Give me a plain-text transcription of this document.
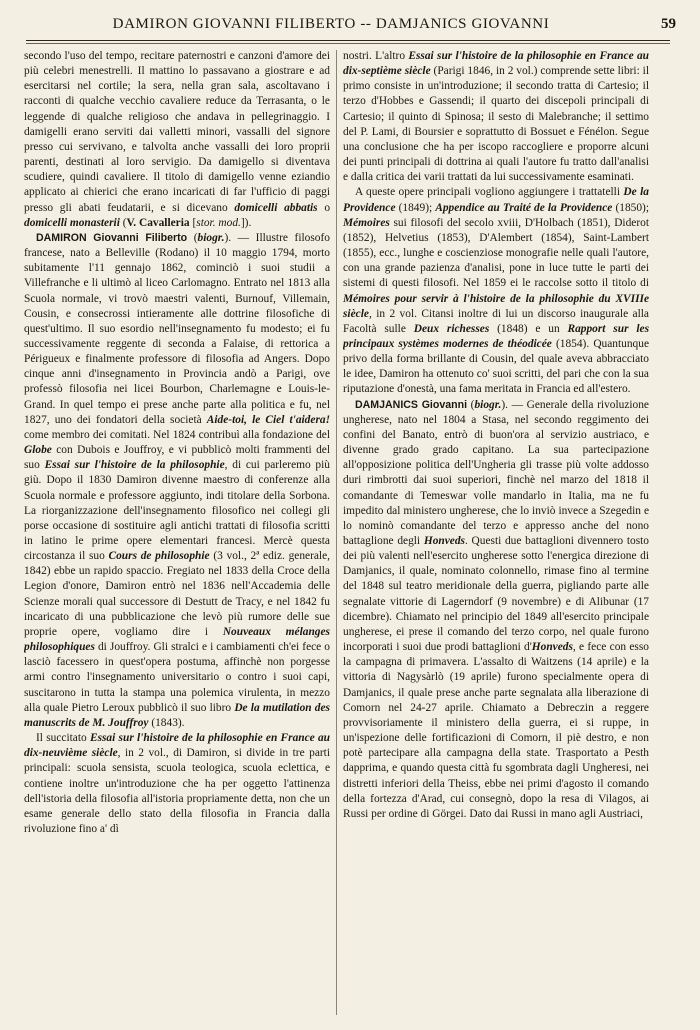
DAMIRON GIOVANNI FILIBERTO -- DAMJANICS GIOVANNI	59

secondo l'uso del tempo, recitare paternostri e canzoni d'amore dei più celebri menestrelli. Il mattino lo passavano a giostrare e ad esercitarsi nel cortile; la sera, nella gran sala, ascoltavano i racconti di qualche vecchio cavaliere reduce da Terrasanta, o le leggende di qualche religioso che andava in pellegrinaggio. I damigelli erano serviti dai valletti minori, vassalli del signore presso cui servivano, e talvolta anche vassalli dei loro proprii parenti, destinati al loro servigio. Da damigello si diventava scudiere, quindi cavaliere. Il titolo di damigello venne eziandio applicato ai chierici che erano incaricati di far l'ufficio di paggi presso gli abati feudatarii, e si dicevano domicelli abbatis o domicelli monasterii (V. Cavalleria [stor. mod.]).

DAMIRON Giovanni Filiberto (biogr.). — Illustre filosofo francese, nato a Belleville (Rodano) il 10 maggio 1794, morto subitamente l'11 gennajo 1862, cominciò i suoi studii a Villefranche e li ultimò al liceo Carlomagno. Entrato nel 1813 alla Scuola normale, vi trovò maestri valenti, Burnouf, Villemain, Cousin, e consecrossi intieramente alle dottrine filosofiche di quest'ultimo. Il suo esordio nell'insegnamento fu modesto; ei fu successivamente reggente di seconda a Falaise, di rettorica a Périgueux e finalmente professore di filosofia ad Angers. Dopo cinque anni d'insegnamento in Provincia andò a Parigi, ove professò filosofia nei licei Bourbon, Charlemagne e Louis-le-Grand. In quel tempo ei prese anche parte alla politica e fu, nel 1827, uno dei fondatori della società Aide-toi, le Ciel t'aidera! come membro dei comitati. Nel 1824 contribuì alla fondazione del Globe con Dubois e Jouffroy, e vi pubblicò molti frammenti del suo Essai sur l'histoire de la philosophie, di cui parleremo più giù. Dopo il 1830 Damiron divenne maestro di conferenze alla Scuola normale e professore aggiunto, indi titolare della Sorbona. La riorganizzazione dell'insegnamento filosofico nei collegi gli porse occasione di sostituire agli antichi trattati di filosofia scritti in latino le prime opere elementari francesi. Mercè questa circostanza il suo Cours de philosophie (3 vol., 2ª ediz. generale, 1842) ebbe un rapido spaccio. Fregiato nel 1833 della Croce della Legion d'onore, Damiron entrò nel 1836 nell'Accademia delle Scienze morali qual successore di Destutt de Tracy, e nel 1842 fu incaricato di una pubblicazione che levò più rumore delle sue proprie opere, vogliamo dire i Nouveaux mélanges philosophiques di Jouffroy. Gli stralci e i cambiamenti ch'ei fece o lasciò facessero in quest'opera postuma, affinchè non porgesse armi contro l'insegnamento universitario o contro i suoi capi, suscitarono in tutta la stampa una polemica virulenta, in mezzo alla quale Pietro Leroux pubblicò il suo libro De la mutilation des manuscrits de M. Jouffroy (1843).

Il succitato Essai sur l'histoire de la philosophie en France au dix-neuvième siècle, in 2 vol., di Damiron, si divide in tre parti principali: scuola sensista, scuola teologica, scuola eclettica, e contiene inoltre un'introduzione che ha per oggetto l'attinenza dell'istoria della filosofia all'istoria propriamente detta, non che un esame generale dello stato della filosofia in Francia dalla rivoluzione fino a' dì

nostri. L'altro Essai sur l'histoire de la philosophie en France au dix-septième siècle (Parigi 1846, in 2 vol.) comprende sette libri: il primo consiste in un'introduzione; il secondo tratta di Cartesio; il terzo d'Hobbes e Gassendi; il quarto dei discepoli principali di Cartesio; il quinto di Spinosa; il sesto di Malebranche; il settimo del P. Lami, di Boursier e soprattutto di Bossuet e Fénélon. Segue una conclusione che ha per iscopo raccogliere e proporre alcuni dei punti principali di dottrina ai quali l'autore fu tratto dall'analisi e dalla critica dei varii trattati da lui successivamente esaminati.

A queste opere principali vogliono aggiungere i trattatelli De la Providence (1849); Appendice au Traité de la Providence (1850); Mémoires sui filosofi del secolo xviii, D'Holbach (1851), Diderot (1852), Helvetius (1853), D'Alembert (1854), Saint-Lambert (1855), ecc., lunghe e coscienziose monografie nelle quali l'autore, con una grande pazienza d'analisi, pone in luce tutte le parti dei sistemi di questi filosofi. Nel 1859 ei le raccolse sotto il titolo di Mémoires pour servir à l'histoire de la philosophie du XVIIIe siècle, in 2 vol. Citansi inoltre di lui un discorso inaugurale alla Facoltà sulle Deux richesses (1848) e un Rapport sur les principaux systèmes modernes de théodicée (1854). Quantunque privo della forma brillante di Cousin, del quale aveva abbracciato le idee, Damiron ha ottenuto co' suoi scritti, del pari che con la sua riputazione d'onestà, una fama meritata in Francia ed all'estero.

DAMJANICS Giovanni (biogr.). — Generale della rivoluzione ungherese, nato nel 1804 a Stasa, nel secondo reggimento dei confini del Banato, entrò di buon'ora al servizio austriaco, e divenne grado grado capitano. La sua partecipazione all'opposizione politica dell'Ungheria gli trasse più volte addosso duri rimbrotti dai suoi superiori, finchè nel marzo del 1818 il comandante di Temeswar volle mandarlo in Italia, ma ne fu impedito dal ministero ungherese, che lo inviò invece a Szegedin e lo nominò comandante del terzo e appresso anche del nono battaglione degli Honveds. Questi due battaglioni divennero tosto dei più valenti nell'esercito ungherese sotto l'energica direzione di Damjanics, il quale, nominato colonnello, rimase fino al termine del 1848 sul teatro meridionale della guerra, pigliando parte alle segnalate vittorie di Lagerndorf (9 novembre) e di Alibunar (17 dicembre). Chiamato nel principio del 1849 all'esercito principale ungherese, ei prese il comando del terzo corpo, nel quale furono incorporati i suoi due prodi battaglioni d'Honveds, e fece con esso la campagna di primavera. L'assalto di Waitzens (14 aprile) e la vittoria di Nagysàrlò (19 aprile) furono specialmente opera di Damjanics, il quale prese anche parte segnalata alla liberazione di Comorn nel 24-27 aprile. Chiamato a Debreczin a reggere provvisoriamente il ministero della guerra, ei si ruppe, in un'ispezione delle fortificazioni di Comorn, il piè destro, e non potè partecipare alla campagna della state. Trasportato a Pesth dapprima, e quando questa città fu sgombrata dagli Ungheresi, nei distretti inferiori della Theiss, ebbe nei primi d'agosto il comando della fortezza d'Arad, cui consegnò, dopo la resa di Vilagos, ai Russi per ordine di Görgei. Dato dai Russi in mano agli Austriaci,
